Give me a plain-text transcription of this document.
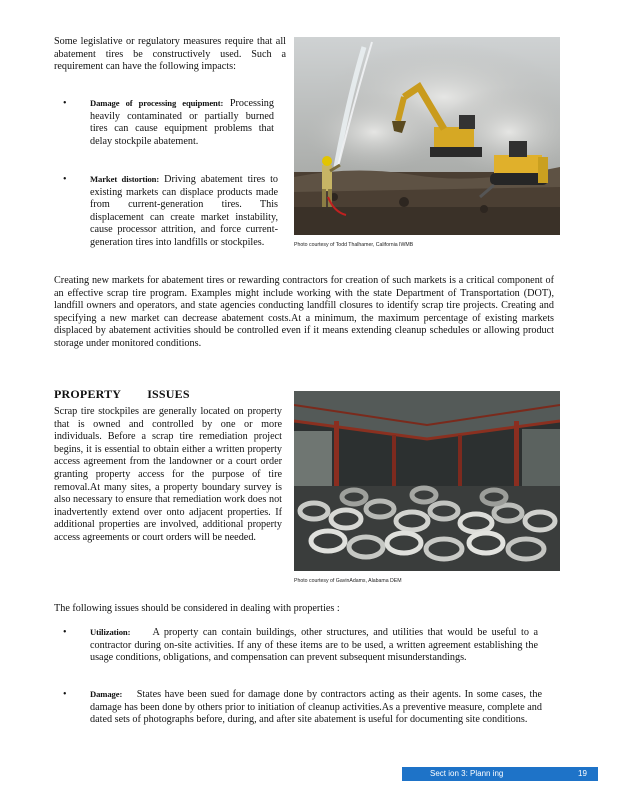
Some legislative or regulatory measures require that all abatement tires be constructively used. Such a requirement can have the following impacts:

•	Damage of processing equipment: Processing heavily contaminated or partially burned tires can cause equipment problems that delay stockpile abatement.

•	Market distortion: Driving abatement tires to existing markets can displace products made from current-generation tires. This displacement can create market instability, cause processor attrition, and force current-generation tires into landfills or stockpiles.	Photo courtesy of Todd Thalhamer, California IWMB

Creating new markets for abatement tires or rewarding contractors for creation of such markets is a critical component of an effective scrap tire program. Examples might include working with the state Department of Transportation (DOT), landfill owners and operators, and state agencies conducting landfill closures to identify scrap tire projects. Creating and specifying a new market can decrease abatement costs.At a minimum, the maximum percentage of existing markets displaced by abatement activities should be controlled even if it means extending cleanup schedules or allowing product storage under monitored conditions.

PROPERTY ISSUES

Scrap tire stockpiles are generally located on property that is owned and controlled by one or more individuals. Before a scrap tire remediation project begins, it is essential to obtain either a written property access agreement from the landowner or a court order granting property access for the purpose of tire removal.At many sites, a property boundary survey is also necessary to ensure that remediation work does not inadvertently extend over onto adjacent properties. If additional properties are involved, additional property access agreements or court orders will be needed.

Photo courtesy of GavinAdams, Alabama DEM

The following issues should be considered in dealing with properties :

•	Utilization: A property can contain buildings, other structures, and utilities that would be useful to a contractor during on-site activities. If any of these items are to be used, a written agreement establishing the usage conditions, obligations, and compensation can prevent subsequent misunderstandings.

•	Damage: States have been sued for damage done by contractors acting as their agents. In some cases, the damage has been done by others prior to initiation of cleanup activities.As a preventive measure, complete and dated sets of photographs before, during, and after site abatement is useful for documenting site conditions.

Sect ion 3: Plann ing	19
